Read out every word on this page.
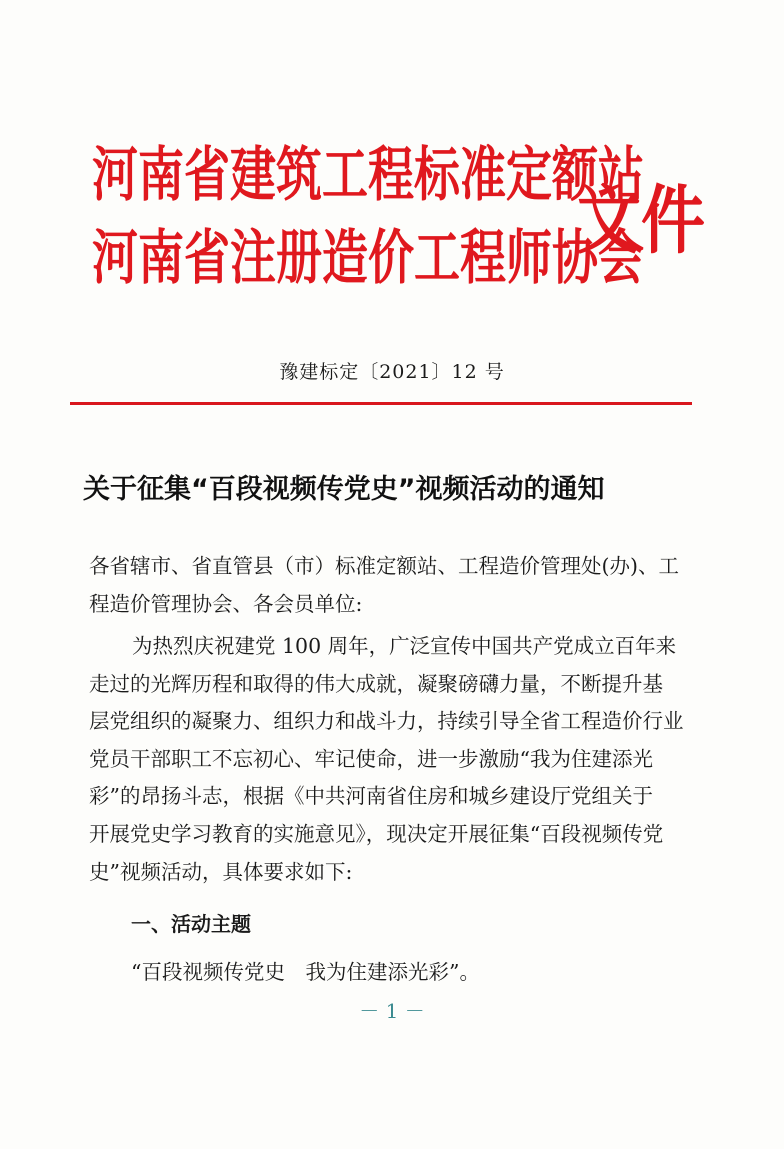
河南省建筑工程标准定额站
河南省注册造价工程师协会
文件
豫建标定〔2021〕12 号
关于征集“百段视频传党史”视频活动的通知
各省辖市、省直管县（市）标准定额站、工程造价管理处(办)、工
程造价管理协会、各会员单位:
为热烈庆祝建党 100 周年，广泛宣传中国共产党成立百年来
走过的光辉历程和取得的伟大成就，凝聚磅礴力量，不断提升基
层党组织的凝聚力、组织力和战斗力，持续引导全省工程造价行业
党员干部职工不忘初心、牢记使命，进一步激励“我为住建添光
彩”的昂扬斗志，根据《中共河南省住房和城乡建设厅党组关于
开展党史学习教育的实施意见》，现决定开展征集“百段视频传党
史”视频活动，具体要求如下:
一、活动主题
“百段视频传党史　我为住建添光彩”。
－ 1 －
